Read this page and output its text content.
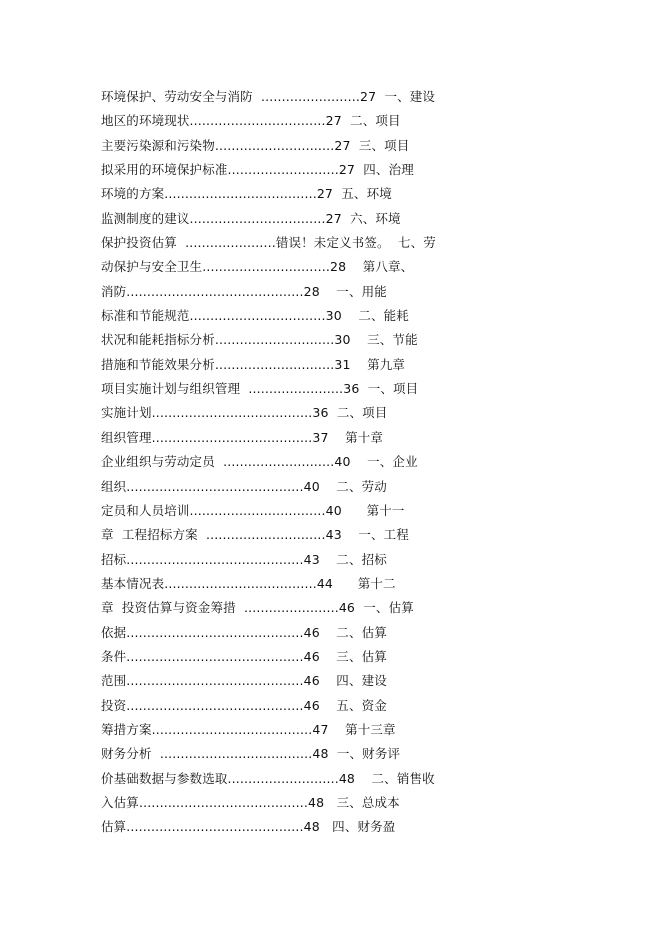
环境保护、劳动安全与消防  ........................27  一、建设
地区的环境现状.................................27  二、项目
主要污染源和污染物.............................27  三、项目
拟采用的环境保护标准...........................27  四、治理
环境的方案.....................................27  五、环境
监测制度的建议.................................27  六、环境
保护投资估算  ......................错误！未定义书签。  七、劳
动保护与安全卫生...............................28    第八章、
消防...........................................28    一、用能
标准和节能规范.................................30    二、能耗
状况和能耗指标分析.............................30    三、节能
措施和节能效果分析.............................31    第九章
项目实施计划与组织管理  .......................36  一、项目
实施计划.......................................36  二、项目
组织管理.......................................37    第十章
企业组织与劳动定员  ...........................40    一、企业
组织...........................................40    二、劳动
定员和人员培训.................................40      第十一
章  工程招标方案  .............................43    一、工程
招标...........................................43    二、招标
基本情况表.....................................44      第十二
章  投资估算与资金筹措  .......................46  一、估算
依据...........................................46    二、估算
条件...........................................46    三、估算
范围...........................................46    四、建设
投资...........................................46    五、资金
筹措方案.......................................47    第十三章
财务分析  .....................................48  一、财务评
价基础数据与参数选取...........................48    二、销售收
入估算.........................................48   三、总成本
估算...........................................48   四、财务盈
